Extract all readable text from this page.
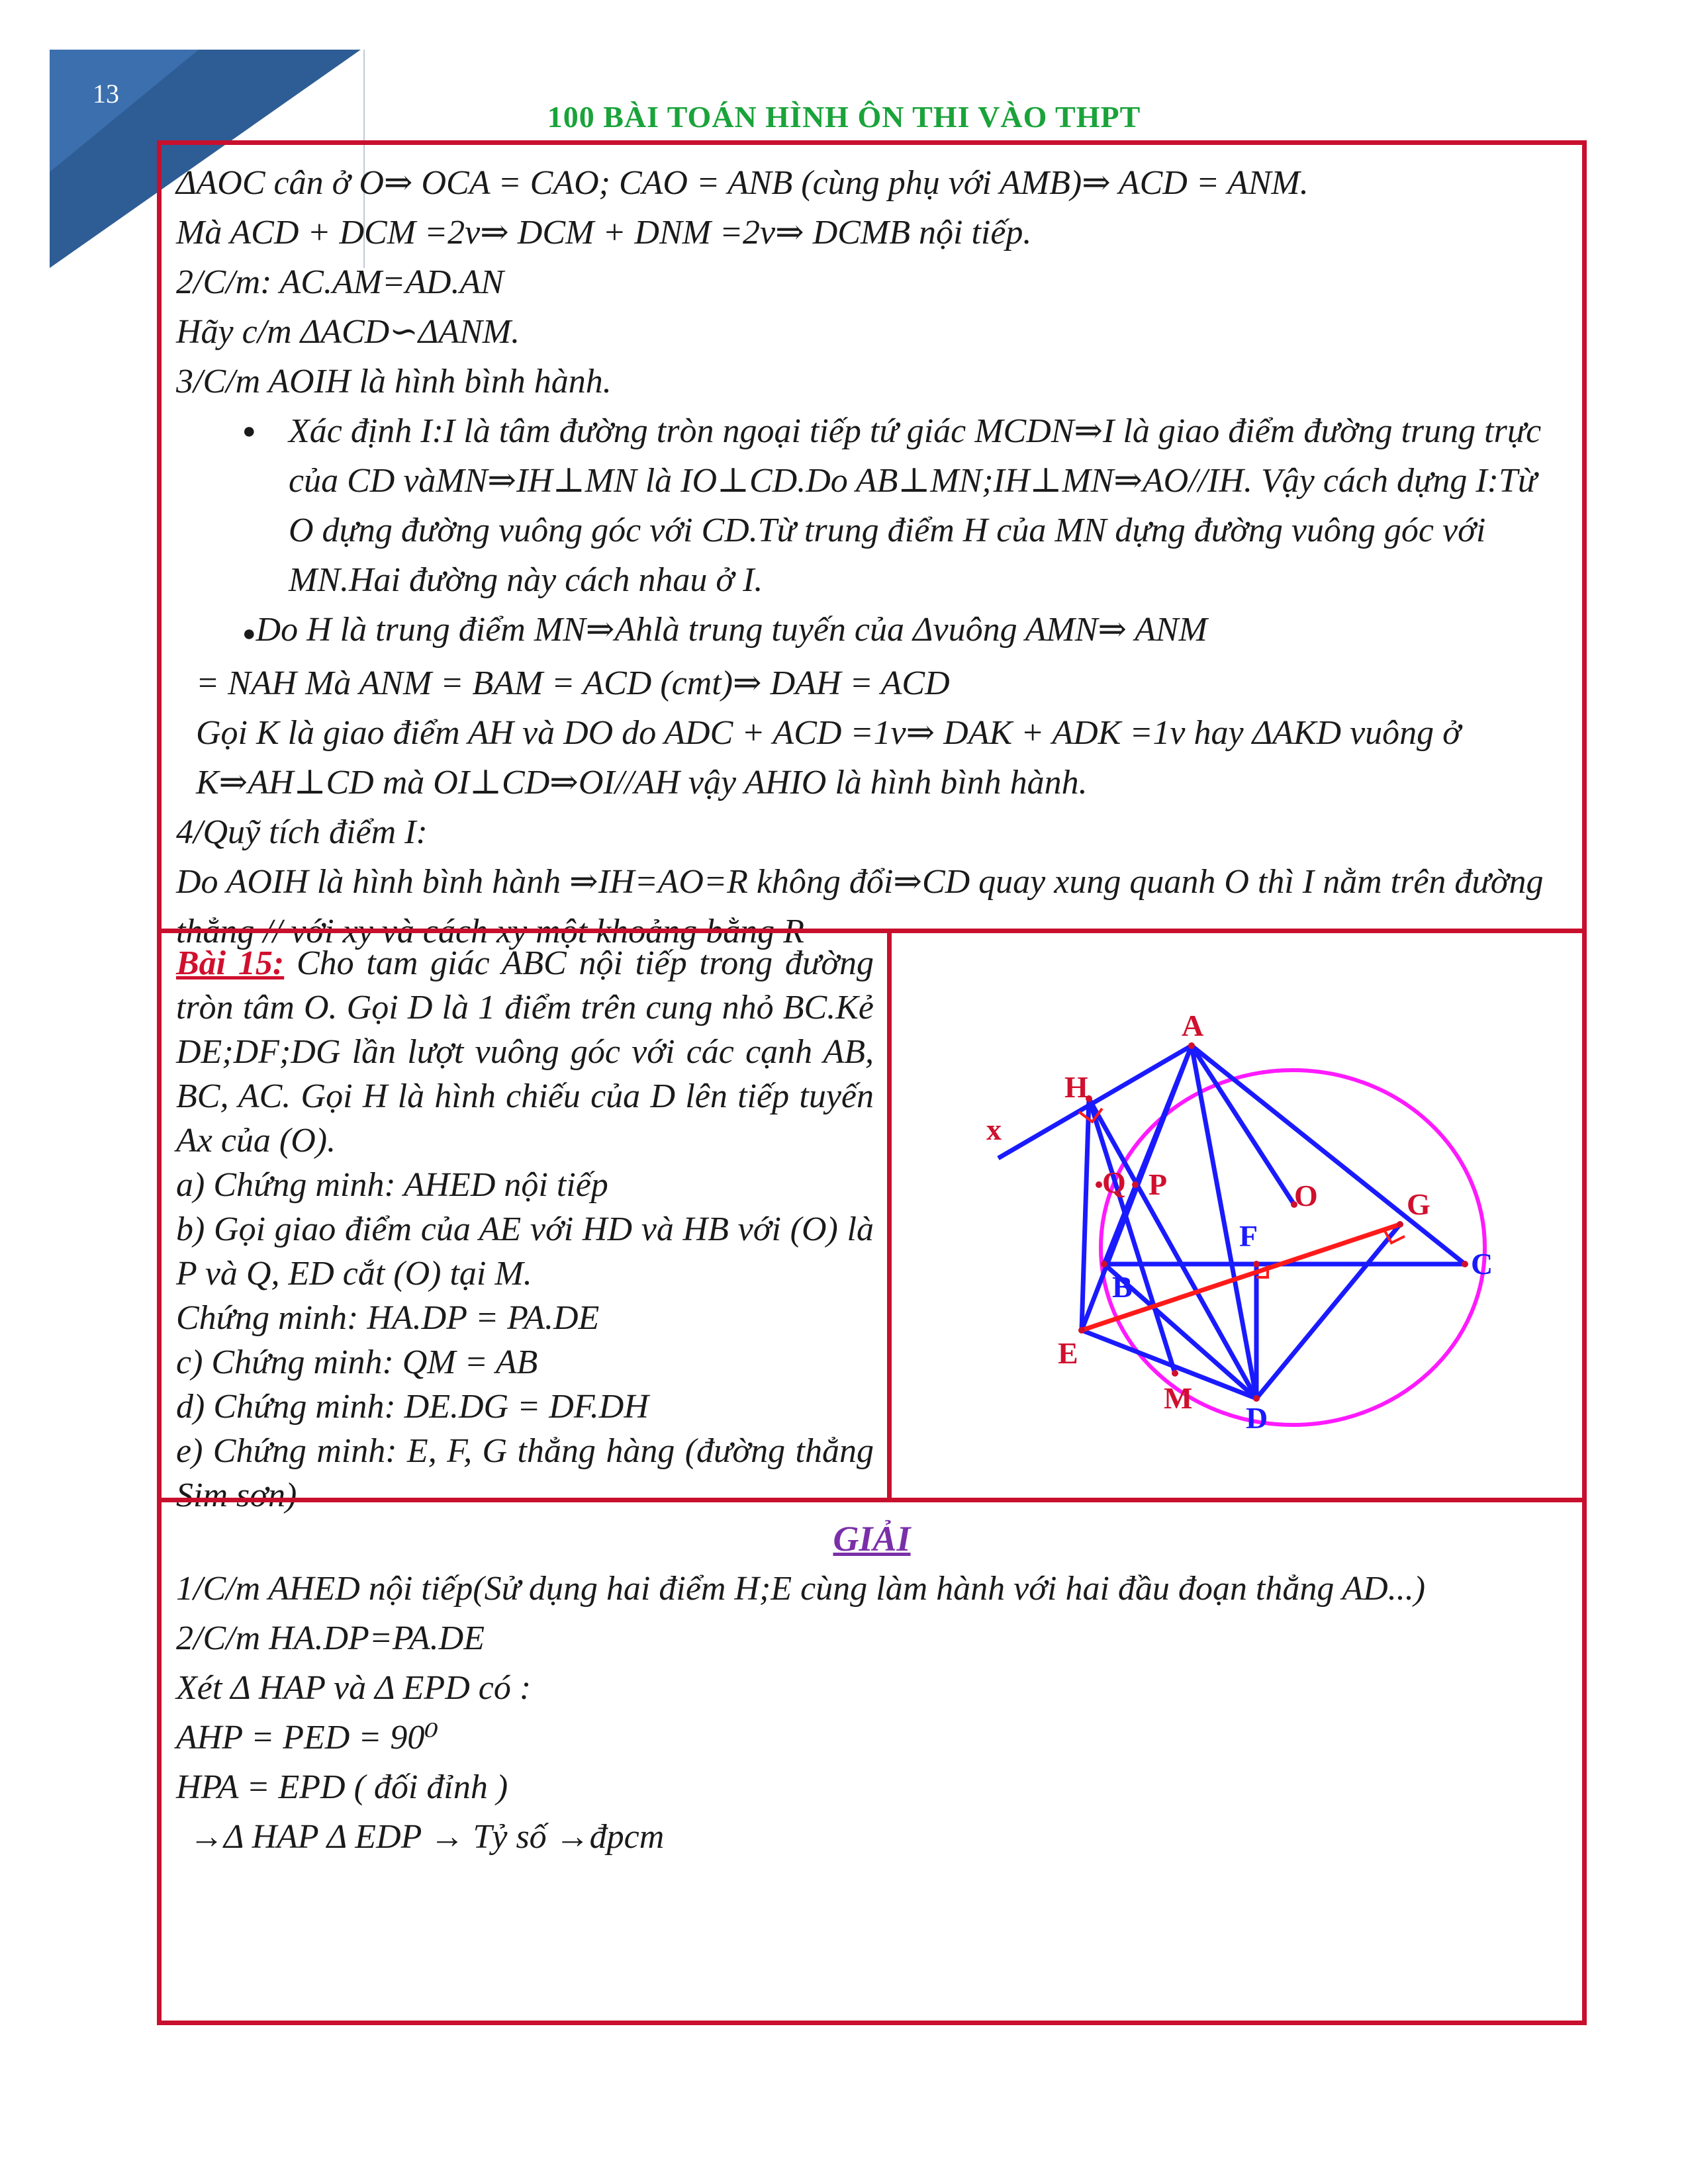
13
100 BÀI TOÁN HÌNH ÔN THI VÀO THPT

ΔAOC cân ở O⇒ OCA = CAO; CAO = ANB (cùng phụ với AMB)⇒ ACD = ANM.

Mà ACD + DCM =2v⇒ DCM + DNM =2v⇒ DCMB nội tiếp.

2/C/m: AC.AM=AD.AN

Hãy c/m ΔACD∽ΔANM.

3/C/m AOIH là hình bình hành.

● Xác định I:I là tâm đường tròn ngoại tiếp tứ giác MCDN⇒I là giao điểm đường trung trực của CD vàMN⇒IH⊥MN là IO⊥CD.Do AB⊥MN;IH⊥MN⇒AO//IH. Vậy cách dựng I:Từ O dựng đường vuông góc với CD.Từ trung điểm H của MN dựng đường vuông góc với MN.Hai đường này cách nhau ở I.

●Do H là trung điểm MN⇒Ahlà trung tuyến của Δvuông AMN⇒ ANM

= NAH Mà ANM = BAM = ACD (cmt)⇒ DAH = ACD

Gọi K là giao điểm AH và DO do ADC + ACD =1v⇒ DAK + ADK =1v hay ΔAKD vuông ở K⇒AH⊥CD mà OI⊥CD⇒OI//AH vậy AHIO là hình bình hành.

4/Quỹ tích điểm I:

Do AOIH là hình bình hành ⇒IH=AO=R không đổi⇒CD quay xung quanh O thì I nằm trên đường thẳng // với xy và cách xy một khoảng bằng R

Bài 15: Cho tam giác ABC nội tiếp trong đường tròn tâm O. Gọi D là 1 điểm trên cung nhỏ BC.Kẻ DE;DF;DG lần lượt vuông góc với các cạnh AB, BC, AC. Gọi H là hình chiếu của D lên tiếp tuyến Ax của (O).

a) Chứng minh: AHED nội tiếp

b) Gọi giao điểm của AE với HD và HB với (O) là P và Q, ED cắt (O) tại M.

Chứng minh: HA.DP = PA.DE

c) Chứng minh: QM = AB

d) Chứng minh: DE.DG = DF.DH

e) Chứng minh: E, F, G thẳng hàng (đường thẳng Sim sơn)

A
H
x
Q P	O	G
F
B
C
E
M
D

GIẢI

1/C/m AHED nội tiếp(Sử dụng hai điểm H;E cùng làm hành với hai đầu đoạn thẳng AD...)

2/C/m HA.DP=PA.DE

Xét Δ HAP và Δ EPD có :

AHP = PED = 90⁰

HPA = EPD ( đối đỉnh )

→Δ HAP Δ EDP → Tỷ số →đpcm
